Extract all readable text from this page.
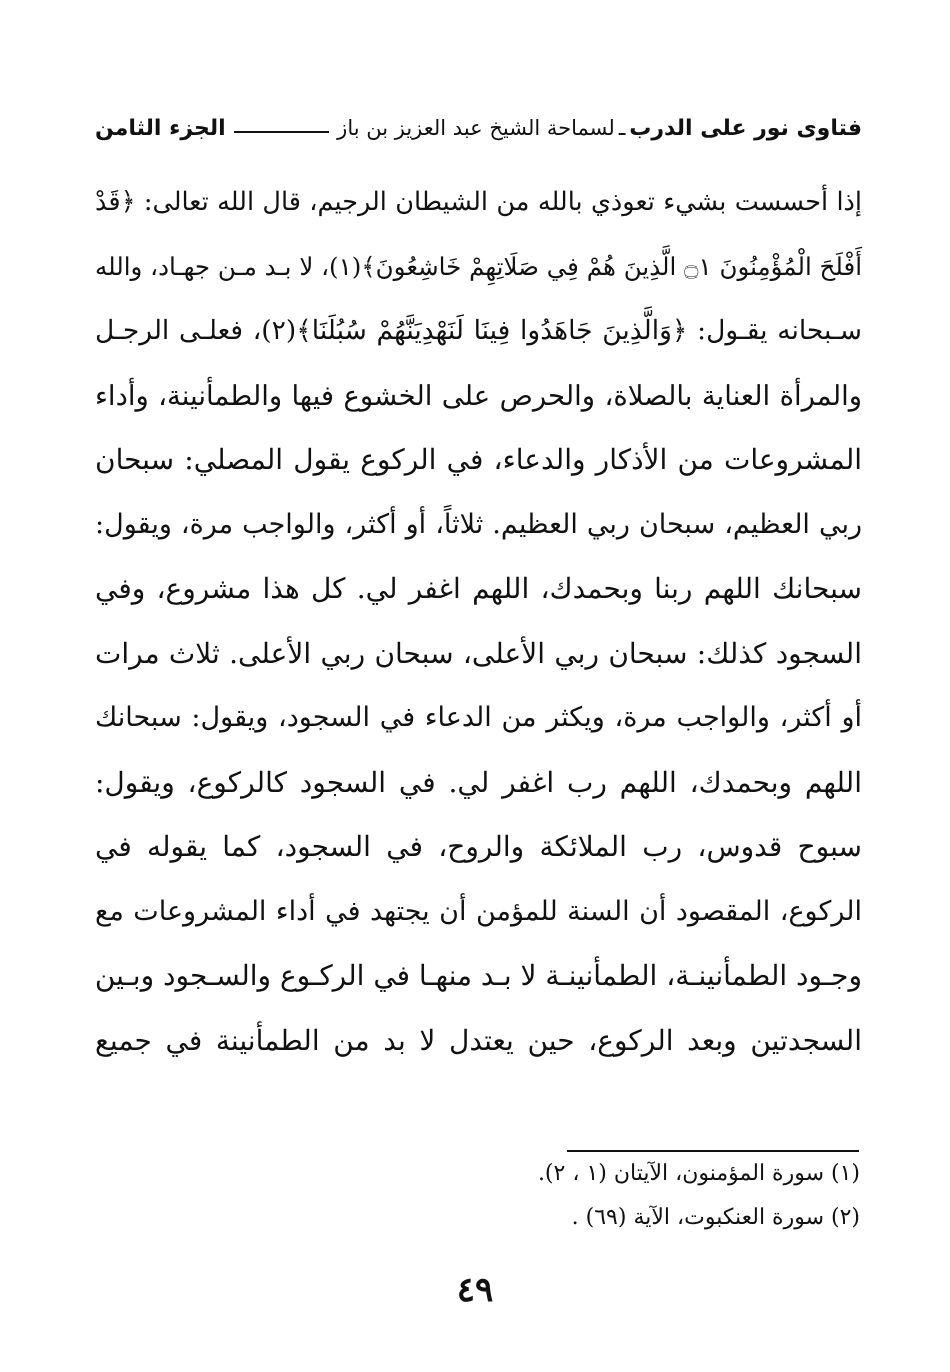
فتاوى نور على الدرب
ـ
لسماحة الشيخ عبد العزيز بن باز
الجزء الثامن
إذا أحسست بشيء تعوذي بالله من الشيطان الرجيم، قال الله تعالى: ﴿قَدْ
أَفْلَحَ الْمُؤْمِنُونَ ۝١ الَّذِينَ هُمْ فِي صَلَاتِهِمْ خَاشِعُونَ﴾(١)، لا بـد مـن جهـاد، والله
سـبحانه يقـول: ﴿وَالَّذِينَ جَاهَدُوا فِينَا لَنَهْدِيَنَّهُمْ سُبُلَنَا﴾(٢)، فعلـى الرجـل
والمرأة العناية بالصلاة، والحرص على الخشوع فيها والطمأنينة، وأداء
المشروعات من الأذكار والدعاء، في الركوع يقول المصلي: سبحان
ربي العظيم، سبحان ربي العظيم. ثلاثاً، أو أكثر، والواجب مرة، ويقول:
سبحانك اللهم ربنا وبحمدك، اللهم اغفر لي. كل هذا مشروع، وفي
السجود كذلك: سبحان ربي الأعلى، سبحان ربي الأعلى. ثلاث مرات
أو أكثر، والواجب مرة، ويكثر من الدعاء في السجود، ويقول: سبحانك
اللهم وبحمدك، اللهم رب اغفر لي. في السجود كالركوع، ويقول:
سبوح قدوس، رب الملائكة والروح، في السجود، كما يقوله في
الركوع، المقصود أن السنة للمؤمن أن يجتهد في أداء المشروعات مع
وجـود الطمأنينـة، الطمأنينـة لا بـد منهـا في الركـوع والسـجود وبـين
السجدتين وبعد الركوع، حين يعتدل لا بد من الطمأنينة في جميع
(١) سورة المؤمنون، الآيتان (١ ، ٢).
(٢) سورة العنكبوت، الآية (٦٩) .
٤٩
